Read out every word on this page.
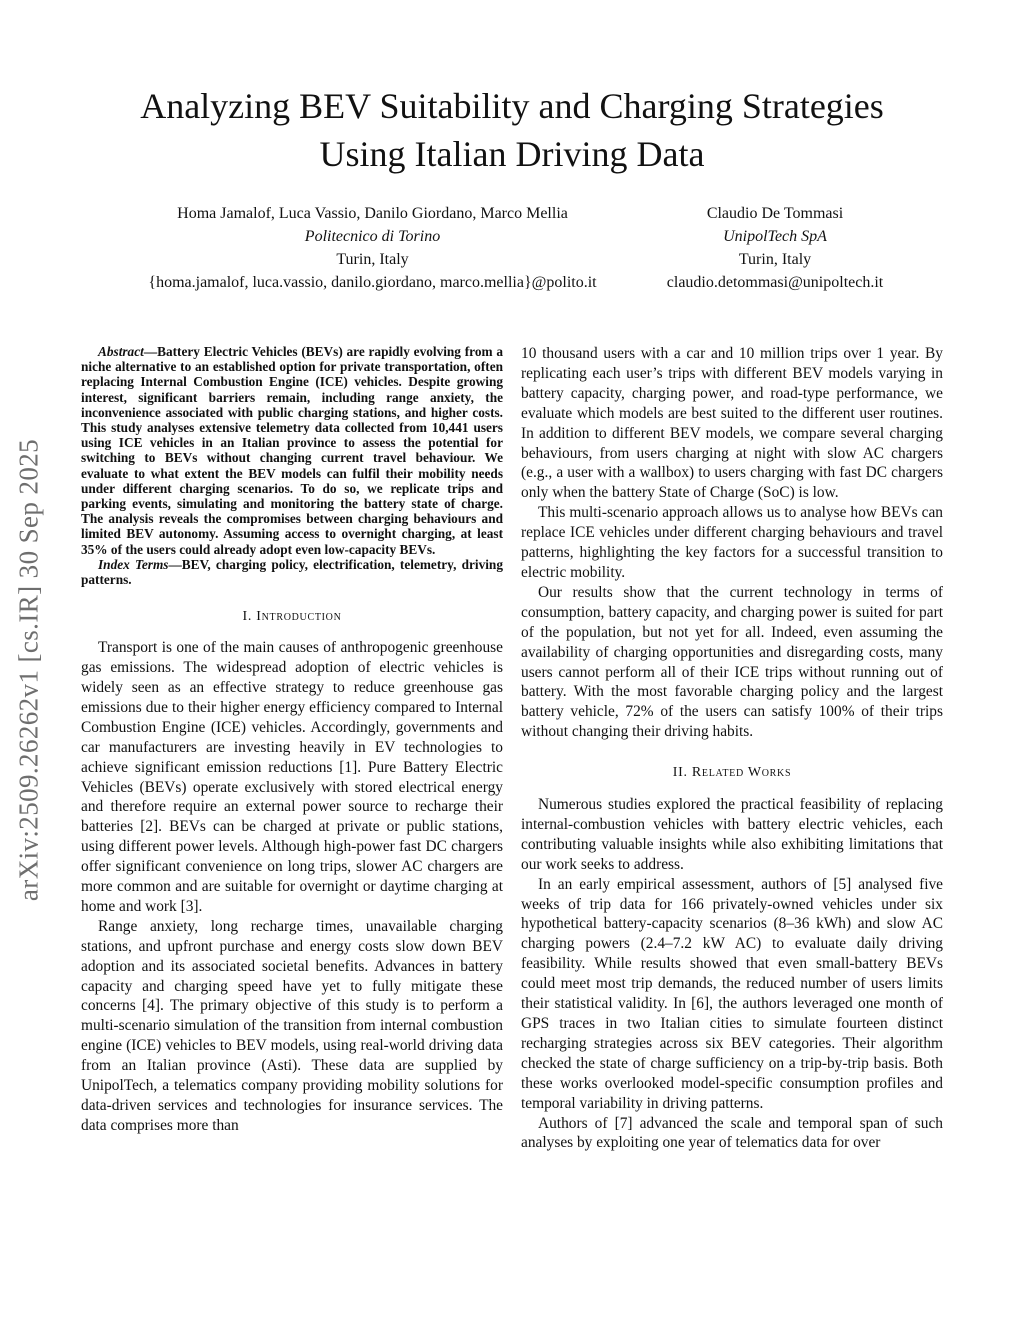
arXiv:2509.26262v1 [cs.IR] 30 Sep 2025
Analyzing BEV Suitability and Charging Strategies
Using Italian Driving Data
Homa Jamalof, Luca Vassio, Danilo Giordano, Marco Mellia
Politecnico di Torino
Turin, Italy
{homa.jamalof, luca.vassio, danilo.giordano, marco.mellia}@polito.it
Claudio De Tommasi
UnipolTech SpA
Turin, Italy
claudio.detommasi@unipoltech.it

Abstract—Battery Electric Vehicles (BEVs) are rapidly evolving from a niche alternative to an established option for private transportation, often replacing Internal Combustion Engine (ICE) vehicles. Despite growing interest, significant barriers remain, including range anxiety, the inconvenience associated with public charging stations, and higher costs. This study analyses extensive telemetry data collected from 10,441 users using ICE vehicles in an Italian province to assess the potential for switching to BEVs without changing current travel behaviour. We evaluate to what extent the BEV models can fulfil their mobility needs under different charging scenarios. To do so, we replicate trips and parking events, simulating and monitoring the battery state of charge. The analysis reveals the compromises between charging behaviours and limited BEV autonomy. Assuming access to overnight charging, at least 35% of the users could already adopt even low-capacity BEVs.

Index Terms—BEV, charging policy, electrification, telemetry, driving patterns.

I. Introduction

Transport is one of the main causes of anthropogenic greenhouse gas emissions. The widespread adoption of electric vehicles is widely seen as an effective strategy to reduce greenhouse gas emissions due to their higher energy efficiency compared to Internal Combustion Engine (ICE) vehicles. Accordingly, governments and car manufacturers are investing heavily in EV technologies to achieve significant emission reductions [1]. Pure Battery Electric Vehicles (BEVs) operate exclusively with stored electrical energy and therefore require an external power source to recharge their batteries [2]. BEVs can be charged at private or public stations, using different power levels. Although high-power fast DC chargers offer significant convenience on long trips, slower AC chargers are more common and are suitable for overnight or daytime charging at home and work [3].

Range anxiety, long recharge times, unavailable charging stations, and upfront purchase and energy costs slow down BEV adoption and its associated societal benefits. Advances in battery capacity and charging speed have yet to fully mitigate these concerns [4]. The primary objective of this study is to perform a multi-scenario simulation of the transition from internal combustion engine (ICE) vehicles to BEV models, using real-world driving data from an Italian province (Asti). These data are supplied by UnipolTech, a telematics company providing mobility solutions for data-driven services and technologies for insurance services. The data comprises more than

10 thousand users with a car and 10 million trips over 1 year. By replicating each user’s trips with different BEV models varying in battery capacity, charging power, and road-type performance, we evaluate which models are best suited to the different user routines. In addition to different BEV models, we compare several charging behaviours, from users charging at night with slow AC chargers (e.g., a user with a wallbox) to users charging with fast DC chargers only when the battery State of Charge (SoC) is low.

This multi-scenario approach allows us to analyse how BEVs can replace ICE vehicles under different charging behaviours and travel patterns, highlighting the key factors for a successful transition to electric mobility.

Our results show that the current technology in terms of consumption, battery capacity, and charging power is suited for part of the population, but not yet for all. Indeed, even assuming the availability of charging opportunities and disregarding costs, many users cannot perform all of their ICE trips without running out of battery. With the most favorable charging policy and the largest battery vehicle, 72% of the users can satisfy 100% of their trips without changing their driving habits.

II. Related Works

Numerous studies explored the practical feasibility of replacing internal-combustion vehicles with battery electric vehicles, each contributing valuable insights while also exhibiting limitations that our work seeks to address.

In an early empirical assessment, authors of [5] analysed five weeks of trip data for 166 privately-owned vehicles under six hypothetical battery-capacity scenarios (8–36 kWh) and slow AC charging powers (2.4–7.2 kW AC) to evaluate daily driving feasibility. While results showed that even small-battery BEVs could meet most trip demands, the reduced number of users limits their statistical validity. In [6], the authors leveraged one month of GPS traces in two Italian cities to simulate fourteen distinct recharging strategies across six BEV categories. Their algorithm checked the state of charge sufficiency on a trip-by-trip basis. Both these works overlooked model-specific consumption profiles and temporal variability in driving patterns.

Authors of [7] advanced the scale and temporal span of such analyses by exploiting one year of telematics data for over
